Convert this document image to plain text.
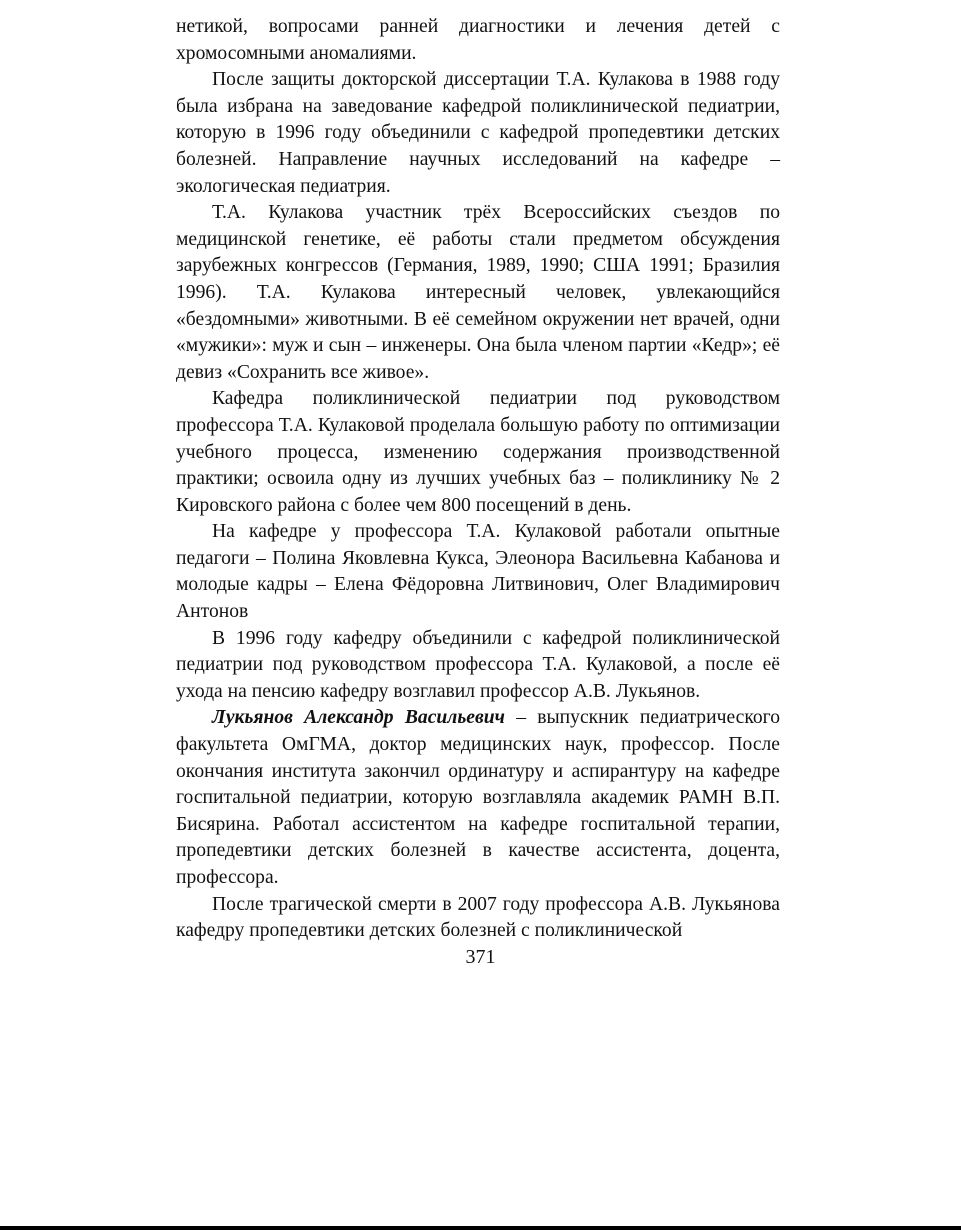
нетикой, вопросами ранней диагностики и лечения детей с хромосомными аномалиями.

После защиты докторской диссертации Т.А. Кулакова в 1988 году была избрана на заведование кафедрой поликлинической педиатрии, которую в 1996 году объединили с кафедрой пропедевтики детских болезней. Направление научных исследований на кафедре – экологическая педиатрия.

Т.А. Кулакова участник трёх Всероссийских съездов по медицинской генетике, её работы стали предметом обсуждения зарубежных конгрессов (Германия, 1989, 1990; США 1991; Бразилия 1996). Т.А. Кулакова интересный человек, увлекающийся «бездомными» животными. В её семейном окружении нет врачей, одни «мужики»: муж и сын – инженеры. Она была членом партии «Кедр»; её девиз «Сохранить все живое».

Кафедра поликлинической педиатрии под руководством профессора Т.А. Кулаковой проделала большую работу по оптимизации учебного процесса, изменению содержания производственной практики; освоила одну из лучших учебных баз – поликлинику № 2 Кировского района с более чем 800 посещений в день.

На кафедре у профессора Т.А. Кулаковой работали опытные педагоги – Полина Яковлевна Кукса, Элеонора Васильевна Кабанова и молодые кадры – Елена Фёдоровна Литвинович, Олег Владимирович Антонов

В 1996 году кафедру объединили с кафедрой поликлинической педиатрии под руководством профессора Т.А. Кулаковой, а после её ухода на пенсию кафедру возглавил профессор А.В. Лукьянов.

Лукьянов Александр Васильевич – выпускник педиатрического факультета ОмГМА, доктор медицинских наук, профессор. После окончания института закончил ординатуру и аспирантуру на кафедре госпитальной педиатрии, которую возглавляла академик РАМН В.П. Бисярина. Работал ассистентом на кафедре госпитальной терапии, пропедевтики детских болезней в качестве ассистента, доцента, профессора.

После трагической смерти в 2007 году профессора А.В. Лукьянова кафедру пропедевтики детских болезней с поликлинической

371
